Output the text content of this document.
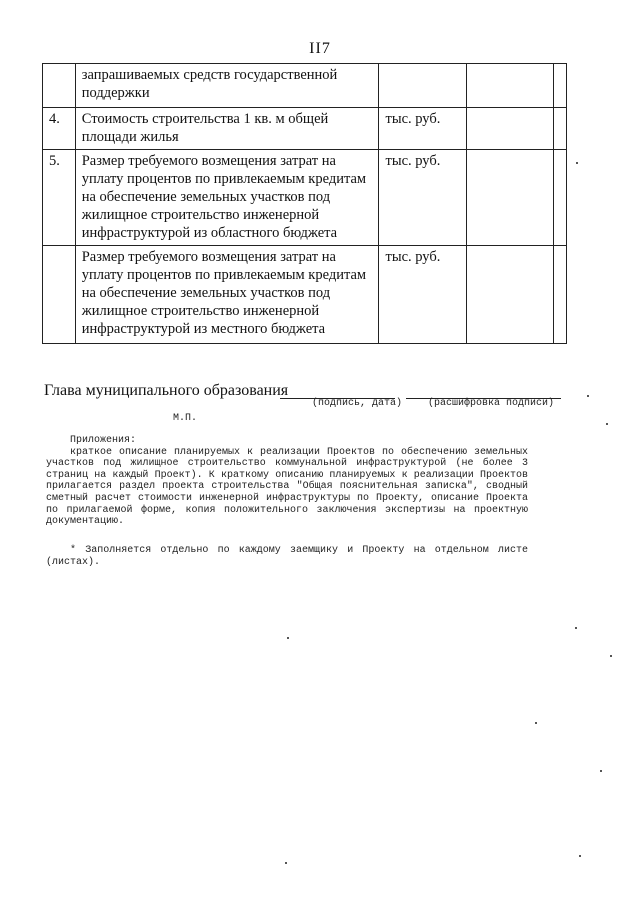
II7
	запрашиваемых средств государственной поддержки			
4.	Стоимость строительства 1 кв. м общей площади жилья	тыс. руб.		
5.	Размер требуемого возмещения затрат на уплату процентов по привлекаемым кредитам на обеспечение земельных участков под жилищное строительство инженерной инфраструктурой из областного бюджета	тыс. руб.		
	Размер требуемого возмещения затрат на уплату процентов по привлекаемым кредитам на обеспечение земельных участков под жилищное строительство инженерной инфраструктурой из местного бюджета	тыс. руб.		
Глава муниципального образования
(подпись, дата)	(расшифровка подписи)
М.П.
Приложения:
краткое описание планируемых к реализации Проектов по обеспечению земельных участков под жилищное строительство коммунальной инфраструктурой (не более 3 страниц на каждый Проект). К краткому описанию планируемых к реализации Проектов прилагается раздел проекта строительства "Общая пояснительная записка", сводный сметный расчет стоимости инженерной инфраструктуры по Проекту, описание Проекта по прилагаемой форме, копия положительного заключения экспертизы на проектную документацию.
* Заполняется отдельно по каждому заемщику и Проекту на отдельном листе (листах).
